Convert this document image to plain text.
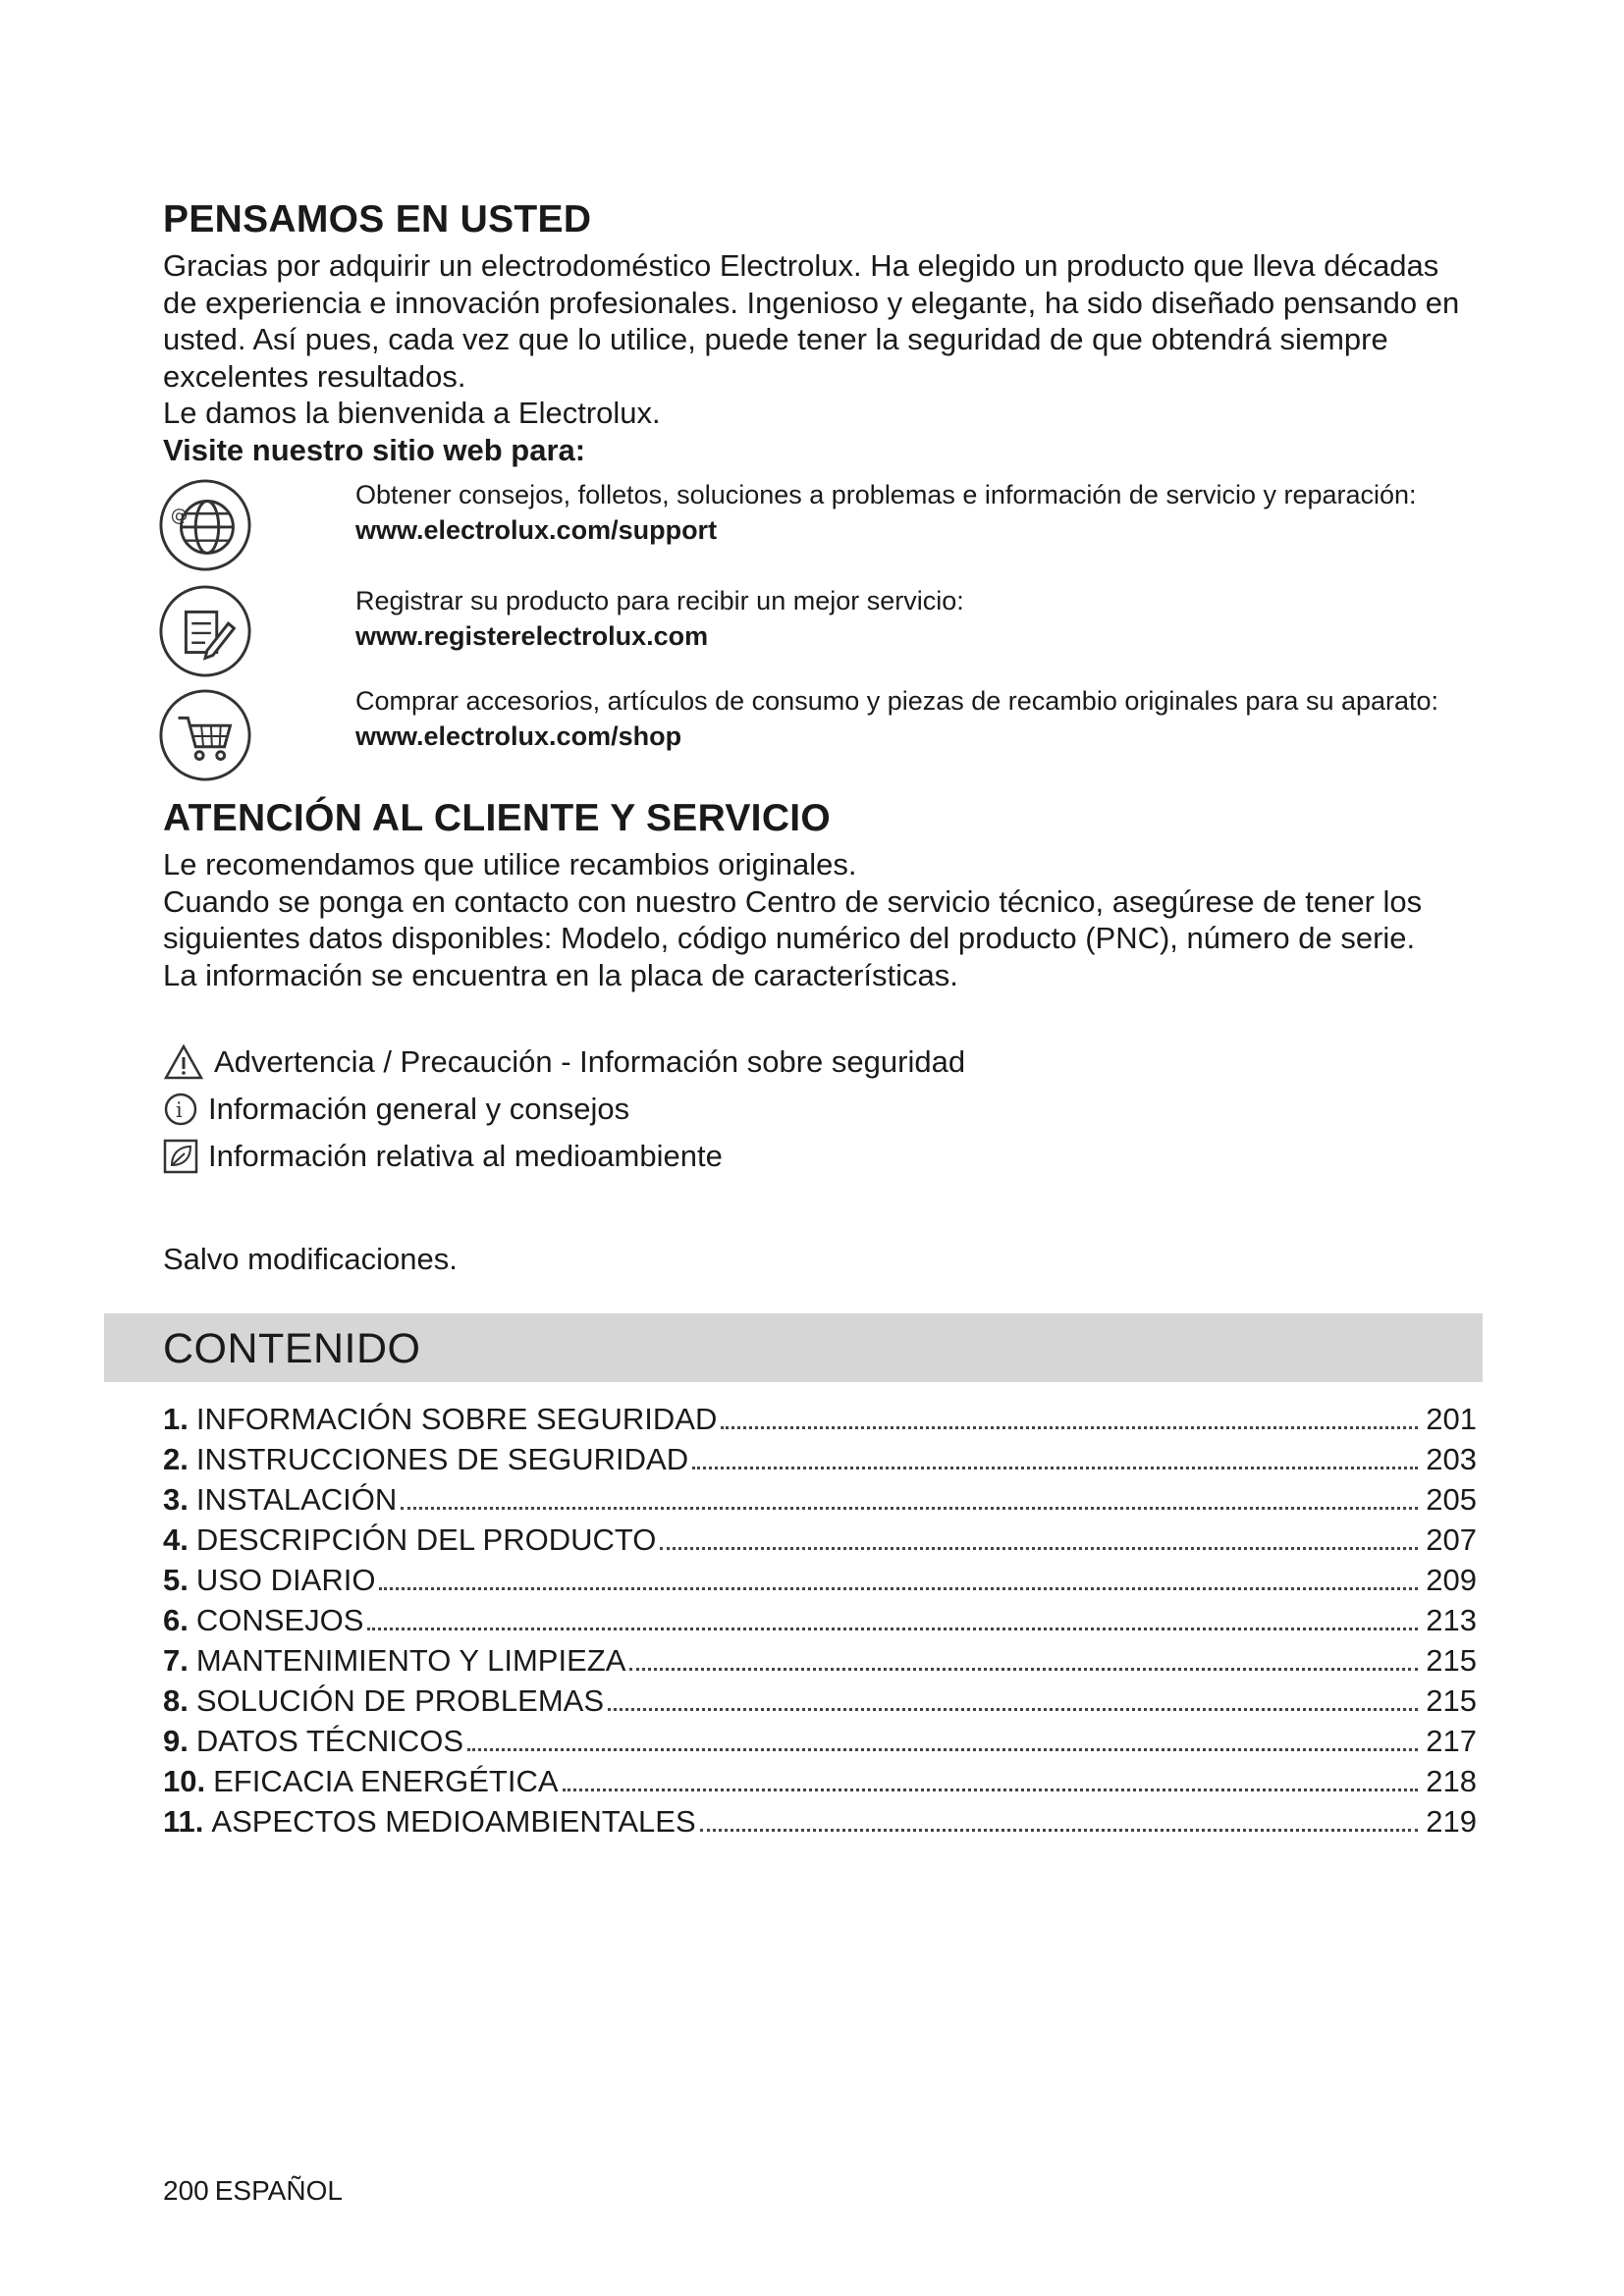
PENSAMOS EN USTED

Gracias por adquirir un electrodoméstico Electrolux. Ha elegido un producto que lleva décadas de experiencia e innovación profesionales. Ingenioso y elegante, ha sido diseñado pensando en usted. Así pues, cada vez que lo utilice, puede tener la seguridad de que obtendrá siempre excelentes resultados.

Le damos la bienvenida a Electrolux.

Visite nuestro sitio web para:

@
Obtener consejos, folletos, soluciones a problemas e información de servicio y reparación:
www.electrolux.com/support
Registrar su producto para recibir un mejor servicio:
www.registerelectrolux.com
Comprar accesorios, artículos de consumo y piezas de recambio originales para su aparato:
www.electrolux.com/shop
ATENCIÓN AL CLIENTE Y SERVICIO

Le recomendamos que utilice recambios originales.

Cuando se ponga en contacto con nuestro Centro de servicio técnico, asegúrese de tener los siguientes datos disponibles: Modelo, código numérico del producto (PNC), número de serie.

La información se encuentra en la placa de características.

Advertencia / Precaución - Información sobre seguridad
i Información general y consejos
Información relativa al medioambiente
Salvo modificaciones.
CONTENIDO
1. INFORMACIÓN SOBRE SEGURIDAD	201
2. INSTRUCCIONES DE SEGURIDAD	203
3. INSTALACIÓN	205
4. DESCRIPCIÓN DEL PRODUCTO	207
5. USO DIARIO	209
6. CONSEJOS	213
7. MANTENIMIENTO Y LIMPIEZA	215
8. SOLUCIÓN DE PROBLEMAS	215
9. DATOS TÉCNICOS	217
10. EFICACIA ENERGÉTICA	218
11. ASPECTOS MEDIOAMBIENTALES	219
200 ESPAÑOL
